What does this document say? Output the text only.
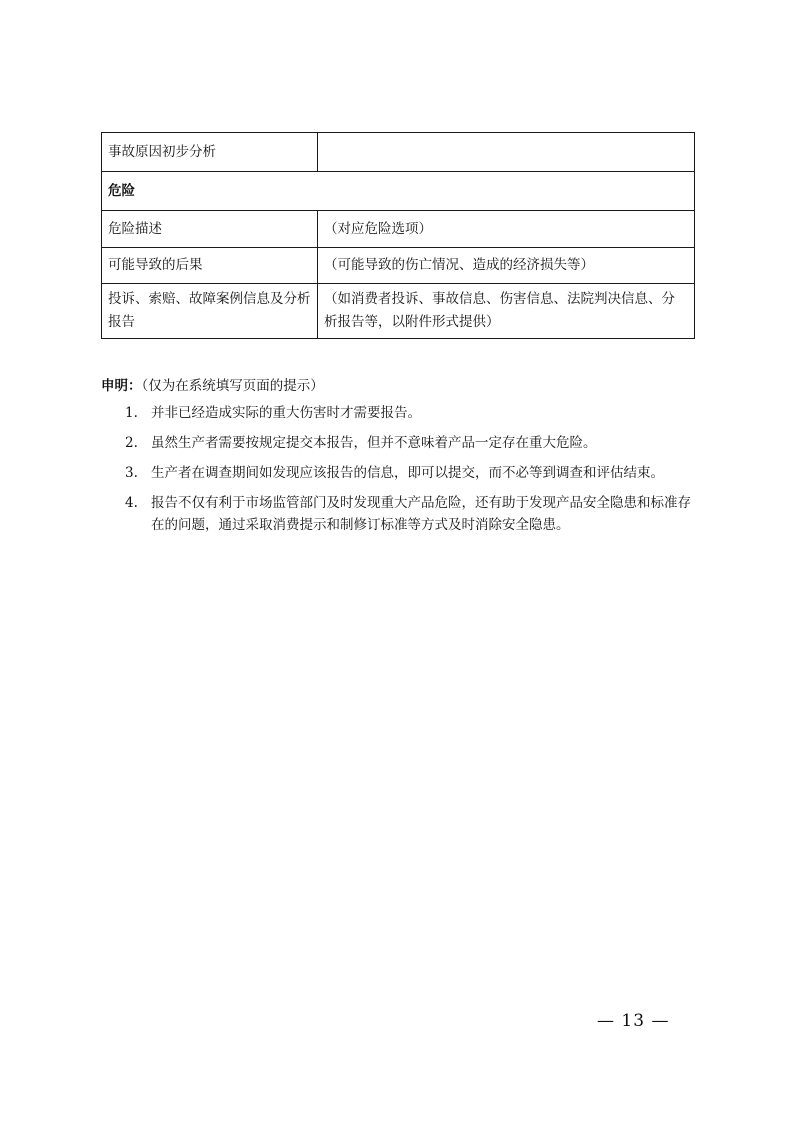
事故原因初步分析	
危险	
危险描述	（对应危险选项）
可能导致的后果	（可能导致的伤亡情况、造成的经济损失等）
投诉、索赔、故障案例信息及分析报告	（如消费者投诉、事故信息、伤害信息、法院判决信息、分析报告等，以附件形式提供）
申明：（仅为在系统填写页面的提示）
1. 并非已经造成实际的重大伤害时才需要报告。
2. 虽然生产者需要按规定提交本报告，但并不意味着产品一定存在重大危险。
3. 生产者在调查期间如发现应该报告的信息，即可以提交，而不必等到调查和评估结束。
4. 报告不仅有利于市场监管部门及时发现重大产品危险，还有助于发现产品安全隐患和标准存在的问题，通过采取消费提示和制修订标准等方式及时消除安全隐患。
— 13 —
